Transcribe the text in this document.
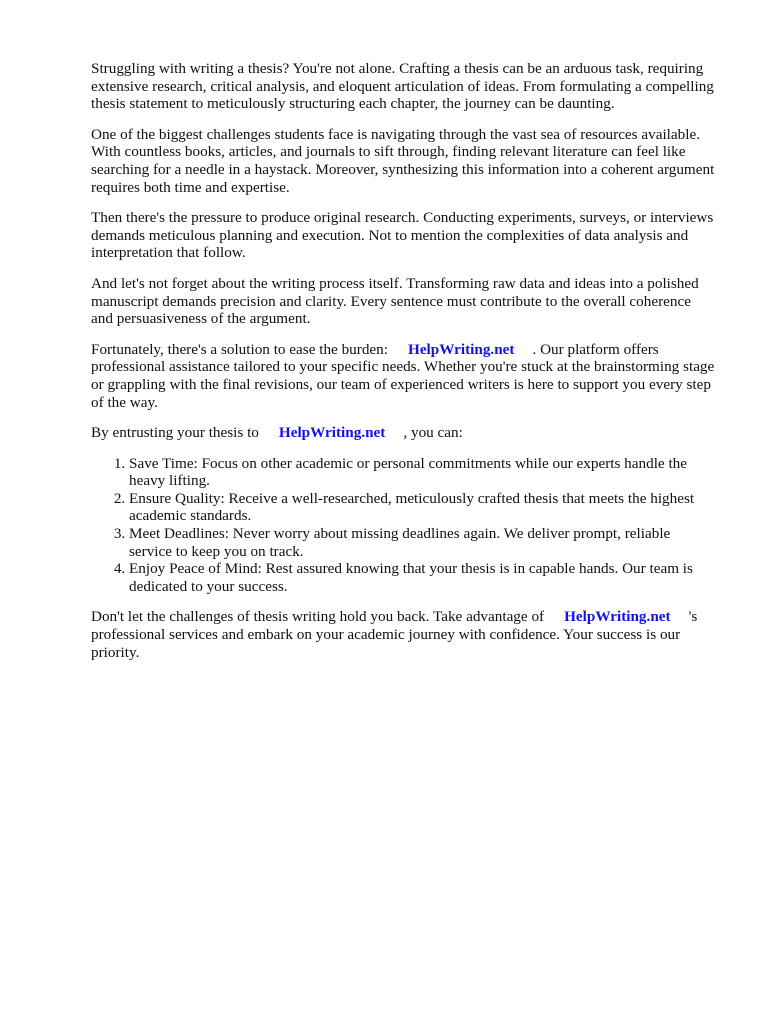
Struggling with writing a thesis? You're not alone. Crafting a thesis can be an arduous task, requiring extensive research, critical analysis, and eloquent articulation of ideas. From formulating a compelling thesis statement to meticulously structuring each chapter, the journey can be daunting.

One of the biggest challenges students face is navigating through the vast sea of resources available. With countless books, articles, and journals to sift through, finding relevant literature can feel like searching for a needle in a haystack. Moreover, synthesizing this information into a coherent argument requires both time and expertise.

Then there's the pressure to produce original research. Conducting experiments, surveys, or interviews demands meticulous planning and execution. Not to mention the complexities of data analysis and interpretation that follow.

And let's not forget about the writing process itself. Transforming raw data and ideas into a polished manuscript demands precision and clarity. Every sentence must contribute to the overall coherence and persuasiveness of the argument.

Fortunately, there's a solution to ease the burden: HelpWriting.net . Our platform offers professional assistance tailored to your specific needs. Whether you're stuck at the brainstorming stage or grappling with the final revisions, our team of experienced writers is here to support you every step of the way.

By entrusting your thesis to HelpWriting.net , you can:

1. Save Time: Focus on other academic or personal commitments while our experts handle the heavy lifting.
2. Ensure Quality: Receive a well-researched, meticulously crafted thesis that meets the highest academic standards.
3. Meet Deadlines: Never worry about missing deadlines again. We deliver prompt, reliable service to keep you on track.
4. Enjoy Peace of Mind: Rest assured knowing that your thesis is in capable hands. Our team is dedicated to your success.

Don't let the challenges of thesis writing hold you back. Take advantage of HelpWriting.net 's professional services and embark on your academic journey with confidence. Your success is our priority.
